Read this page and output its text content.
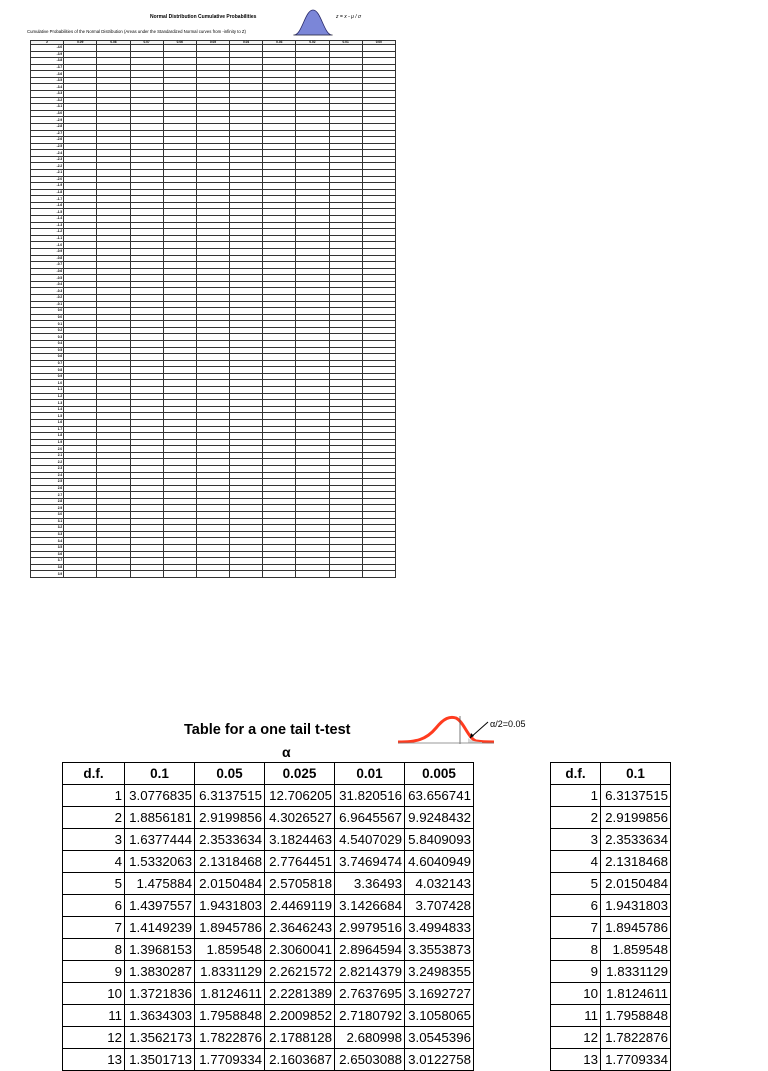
Normal Distribution Cumulative Probabilities	z = x - μ / σ
Cumulative Probabilities of the Normal Distribution (Areas under the Standardized Normal curves from -infinity to Z)
z	0.09	0.08	0.07	0.06	0.05	0.04	0.03	0.02	0.01	0.00
-4.0										
-3.9										
-3.8										
-3.7										
-3.6										
-3.5										
-3.4										
-3.3										
-3.2										
-3.1										
-3.0										
-2.9										
-2.8										
-2.7										
-2.6										
-2.5										
-2.4										
-2.3										
-2.2										
-2.1										
-2.0										
-1.9										
-1.8										
-1.7										
-1.6										
-1.5										
-1.4										
-1.3										
-1.2										
-1.1										
-1.0										
-0.9										
-0.8										
-0.7										
-0.6										
-0.5										
-0.4										
-0.3										
-0.2										
-0.1										
0.0										
0.0										
0.1										
0.2										
0.3										
0.4										
0.5										
0.6										
0.7										
0.8										
0.9										
1.0										
1.1										
1.2										
1.3										
1.4										
1.5										
1.6										
1.7										
1.8										
1.9										
2.0										
2.1										
2.2										
2.3										
2.4										
2.5										
2.6										
2.7										
2.8										
2.9										
3.0										
3.1										
3.2										
3.3										
3.4										
3.5										
3.6										
3.7										
3.8										
3.9										
Table for a one tail t-test
α
α/2=0.05
d.f.	0.1	0.05	0.025	0.01	0.005
1	3.0776835	6.3137515	12.706205	31.820516	63.656741
2	1.8856181	2.9199856	4.3026527	6.9645567	9.9248432
3	1.6377444	2.3533634	3.1824463	4.5407029	5.8409093
4	1.5332063	2.1318468	2.7764451	3.7469474	4.6040949
5	1.475884	2.0150484	2.5705818	3.36493	4.032143
6	1.4397557	1.9431803	2.4469119	3.1426684	3.707428
7	1.4149239	1.8945786	2.3646243	2.9979516	3.4994833
8	1.3968153	1.859548	2.3060041	2.8964594	3.3553873
9	1.3830287	1.8331129	2.2621572	2.8214379	3.2498355
10	1.3721836	1.8124611	2.2281389	2.7637695	3.1692727
11	1.3634303	1.7958848	2.2009852	2.7180792	3.1058065
12	1.3562173	1.7822876	2.1788128	2.680998	3.0545396
13	1.3501713	1.7709334	2.1603687	2.6503088	3.0122758
d.f.	0.1
1	6.3137515
2	2.9199856
3	2.3533634
4	2.1318468
5	2.0150484
6	1.9431803
7	1.8945786
8	1.859548
9	1.8331129
10	1.8124611
11	1.7958848
12	1.7822876
13	1.7709334
